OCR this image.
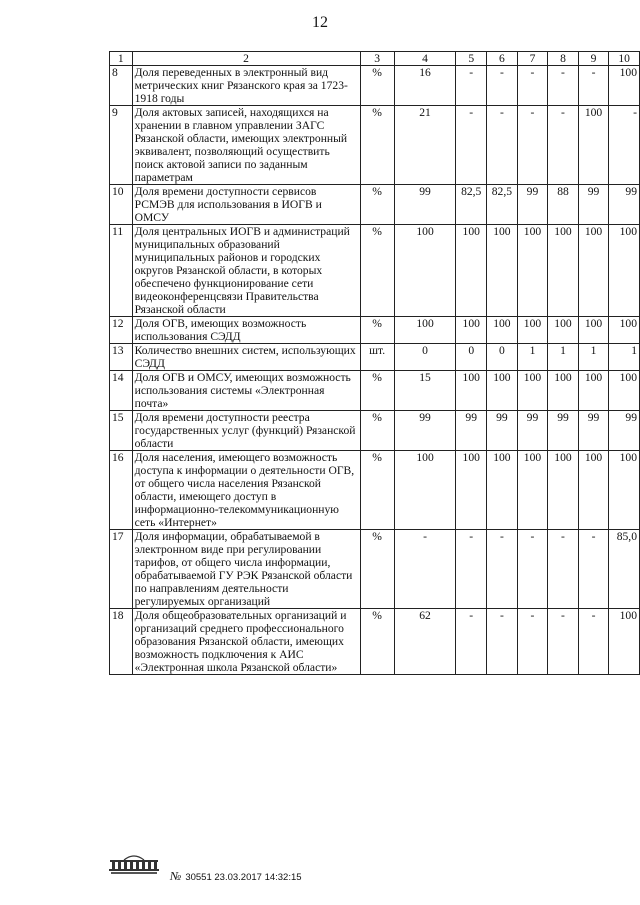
12
1	2	3	4	5	6	7	8	9	10
8	Доля переведенных в электронный вид метрических книг Рязанского края за 1723-1918 годы	%	16	-	-	-	-	-	100
9	Доля актовых записей, находящихся на хранении в главном управлении ЗАГС Рязанской области, имеющих электронный эквивалент, позволяющий осуществить поиск актовой записи по заданным параметрам	%	21	-	-	-	-	100	-
10	Доля времени доступности сервисов РСМЭВ для использования в ИОГВ и ОМСУ	%	99	82,5	82,5	99	88	99	99
11	Доля центральных ИОГВ и администраций муниципальных образований муниципальных районов и городских округов Рязанской области, в которых обеспечено функционирование сети видеоконференцсвязи Правительства Рязанской области	%	100	100	100	100	100	100	100
12	Доля ОГВ, имеющих возможность использования СЭДД	%	100	100	100	100	100	100	100
13	Количество внешних систем, использующих СЭДД	шт.	0	0	0	1	1	1	1
14	Доля ОГВ и ОМСУ, имеющих возможность использования системы «Электронная почта»	%	15	100	100	100	100	100	100
15	Доля времени доступности реестра государственных услуг (функций) Рязанской области	%	99	99	99	99	99	99	99
16	Доля населения, имеющего возможность доступа к информации о деятельности ОГВ, от общего числа населения Рязанской области, имеющего доступ в информационно-телекоммуникационную сеть «Интернет»	%	100	100	100	100	100	100	100
17	Доля информации, обрабатываемой в электронном виде при регулировании тарифов, от общего числа информации, обрабатываемой ГУ РЭК Рязанской области по направлениям деятельности регулируемых организаций	%	-	-	-	-	-	-	85,0
18	Доля общеобразовательных организаций и организаций среднего профессионального образования Рязанской области, имеющих возможность подключения к АИС «Электронная школа Рязанской области»	%	62	-	-	-	-	-	100
№ 30551 23.03.2017 14:32:15
